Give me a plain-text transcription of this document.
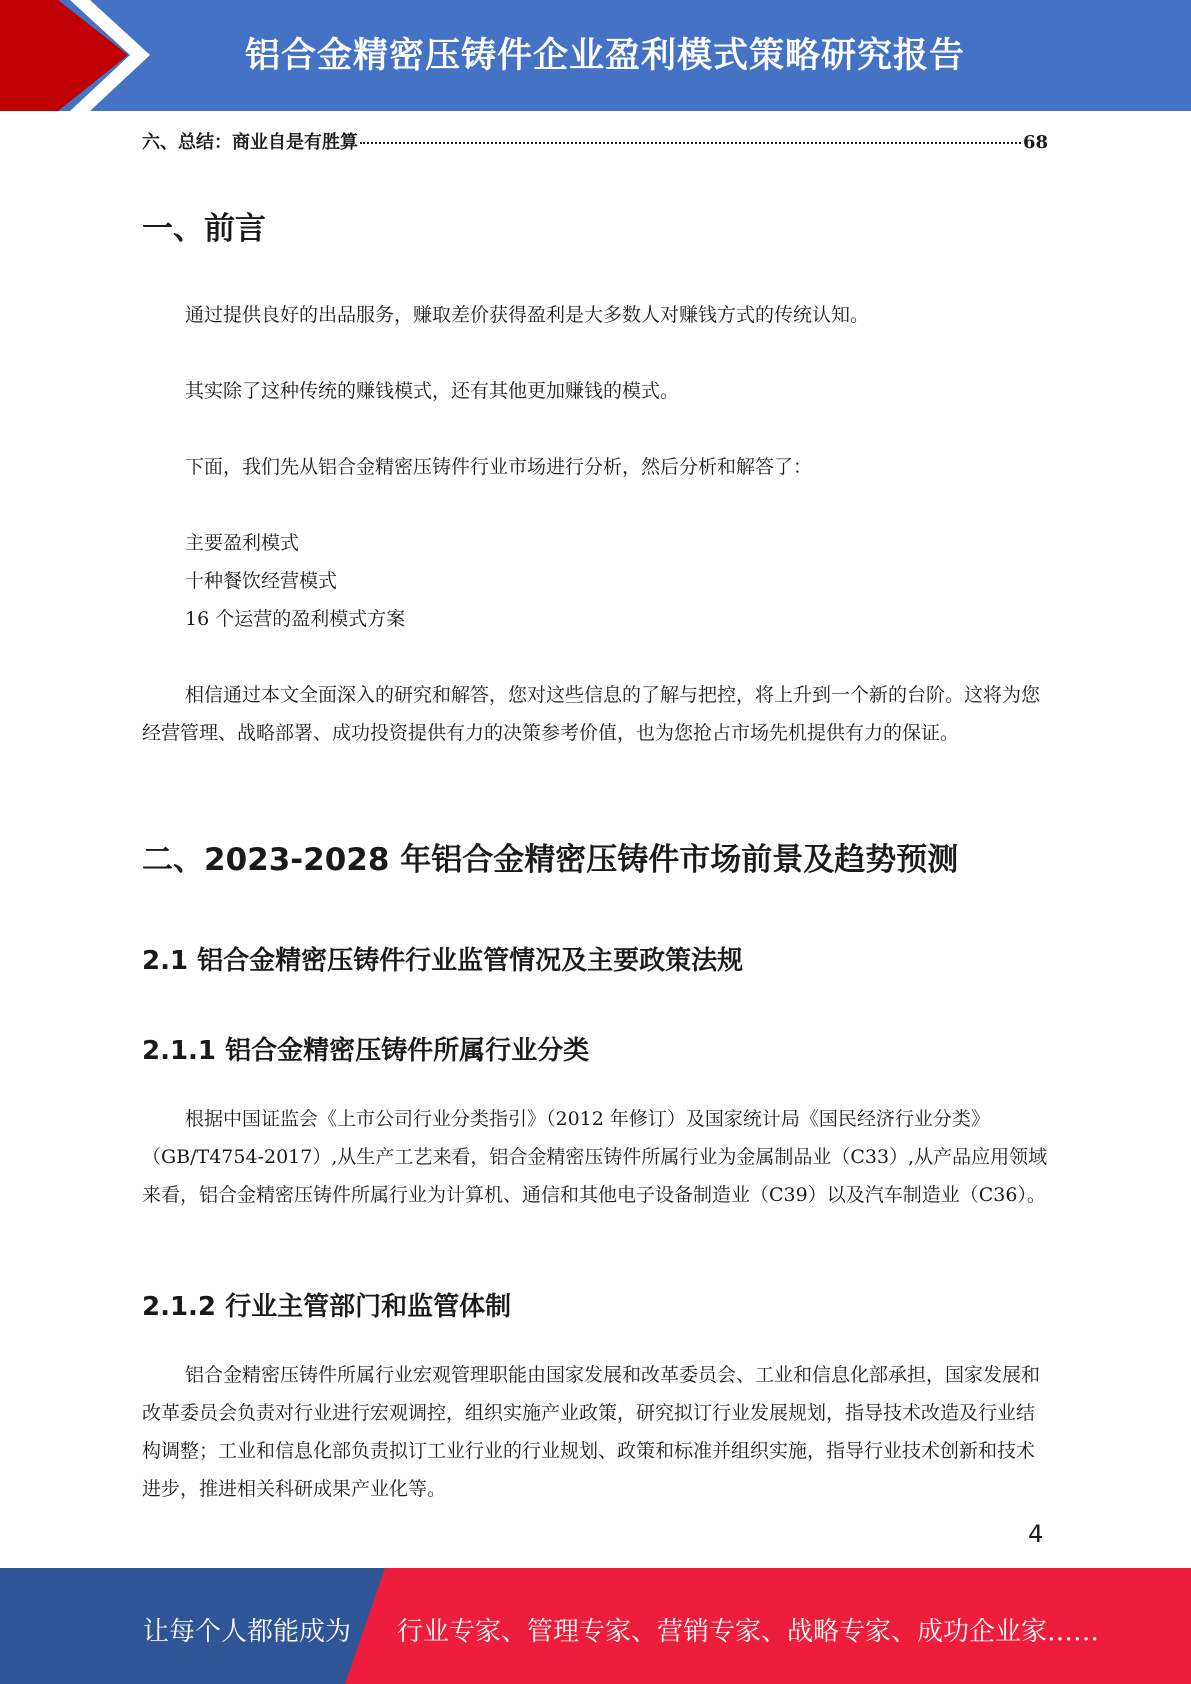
铝合金精密压铸件企业盈利模式策略研究报告
六、总结：商业自是有胜算	68
一、前言

通过提供良好的出品服务，赚取差价获得盈利是大多数人对赚钱方式的传统认知。

其实除了这种传统的赚钱模式，还有其他更加赚钱的模式。

下面，我们先从铝合金精密压铸件行业市场进行分析，然后分析和解答了：

主要盈利模式
十种餐饮经营模式
16 个运营的盈利模式方案

相信通过本文全面深入的研究和解答，您对这些信息的了解与把控，将上升到一个新的台阶。这将为您经营管理、战略部署、成功投资提供有力的决策参考价值，也为您抢占市场先机提供有力的保证。

二、2023-2028 年铝合金精密压铸件市场前景及趋势预测
2.1 铝合金精密压铸件行业监管情况及主要政策法规
2.1.1 铝合金精密压铸件所属行业分类

根据中国证监会《上市公司行业分类指引》（2012 年修订）及国家统计局《国民经济行业分类》（GB/T4754-2017）,从生产工艺来看，铝合金精密压铸件所属行业为金属制品业（C33）,从产品应用领域来看，铝合金精密压铸件所属行业为计算机、通信和其他电子设备制造业（C39）以及汽车制造业（C36）。

2.1.2 行业主管部门和监管体制

铝合金精密压铸件所属行业宏观管理职能由国家发展和改革委员会、工业和信息化部承担，国家发展和改革委员会负责对行业进行宏观调控，组织实施产业政策，研究拟订行业发展规划，指导技术改造及行业结构调整；工业和信息化部负责拟订工业行业的行业规划、政策和标准并组织实施，指导行业技术创新和技术进步，推进相关科研成果产业化等。

4
让每个人都能成为 行业专家、管理专家、营销专家、战略专家、成功企业家……
